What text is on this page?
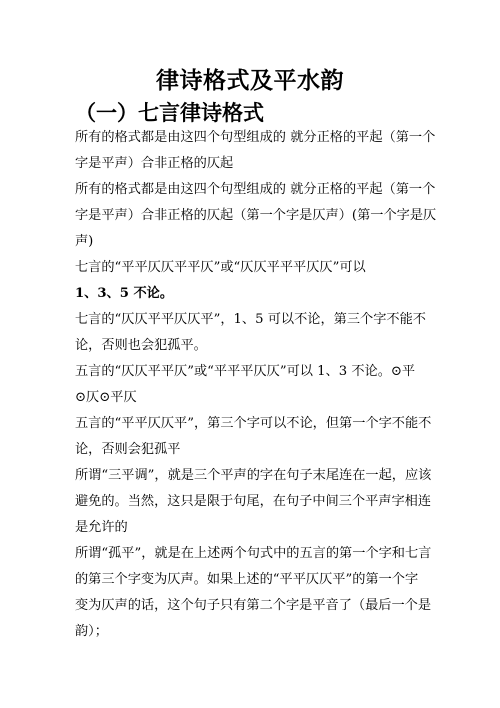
律诗格式及平水韵
（一）七言律诗格式
所有的格式都是由这四个句型组成的 就分正格的平起（第一个
字是平声）合非正格的仄起
所有的格式都是由这四个句型组成的 就分正格的平起（第一个
字是平声）合非正格的仄起（第一个字是仄声）(第一个字是仄
声)
七言的“平平仄仄平平仄”或“仄仄平平平仄仄”可以
1、3、5 不论。
七言的“仄仄平平仄仄平”，1、5 可以不论，第三个字不能不
论，否则也会犯孤平。
五言的“仄仄平平仄”或“平平平仄仄”可以 1、3 不论。⊙平
⊙仄⊙平仄
五言的“平平仄仄平”，第三个字可以不论，但第一个字不能不
论，否则会犯孤平
所谓“三平调”，就是三个平声的字在句子末尾连在一起，应该
避免的。当然，这只是限于句尾，在句子中间三个平声字相连
是允许的
所谓“孤平”，就是在上述两个句式中的五言的第一个字和七言
的第三个字变为仄声。如果上述的“平平仄仄平”的第一个字
变为仄声的话，这个句子只有第二个字是平音了（最后一个是
韵）；
